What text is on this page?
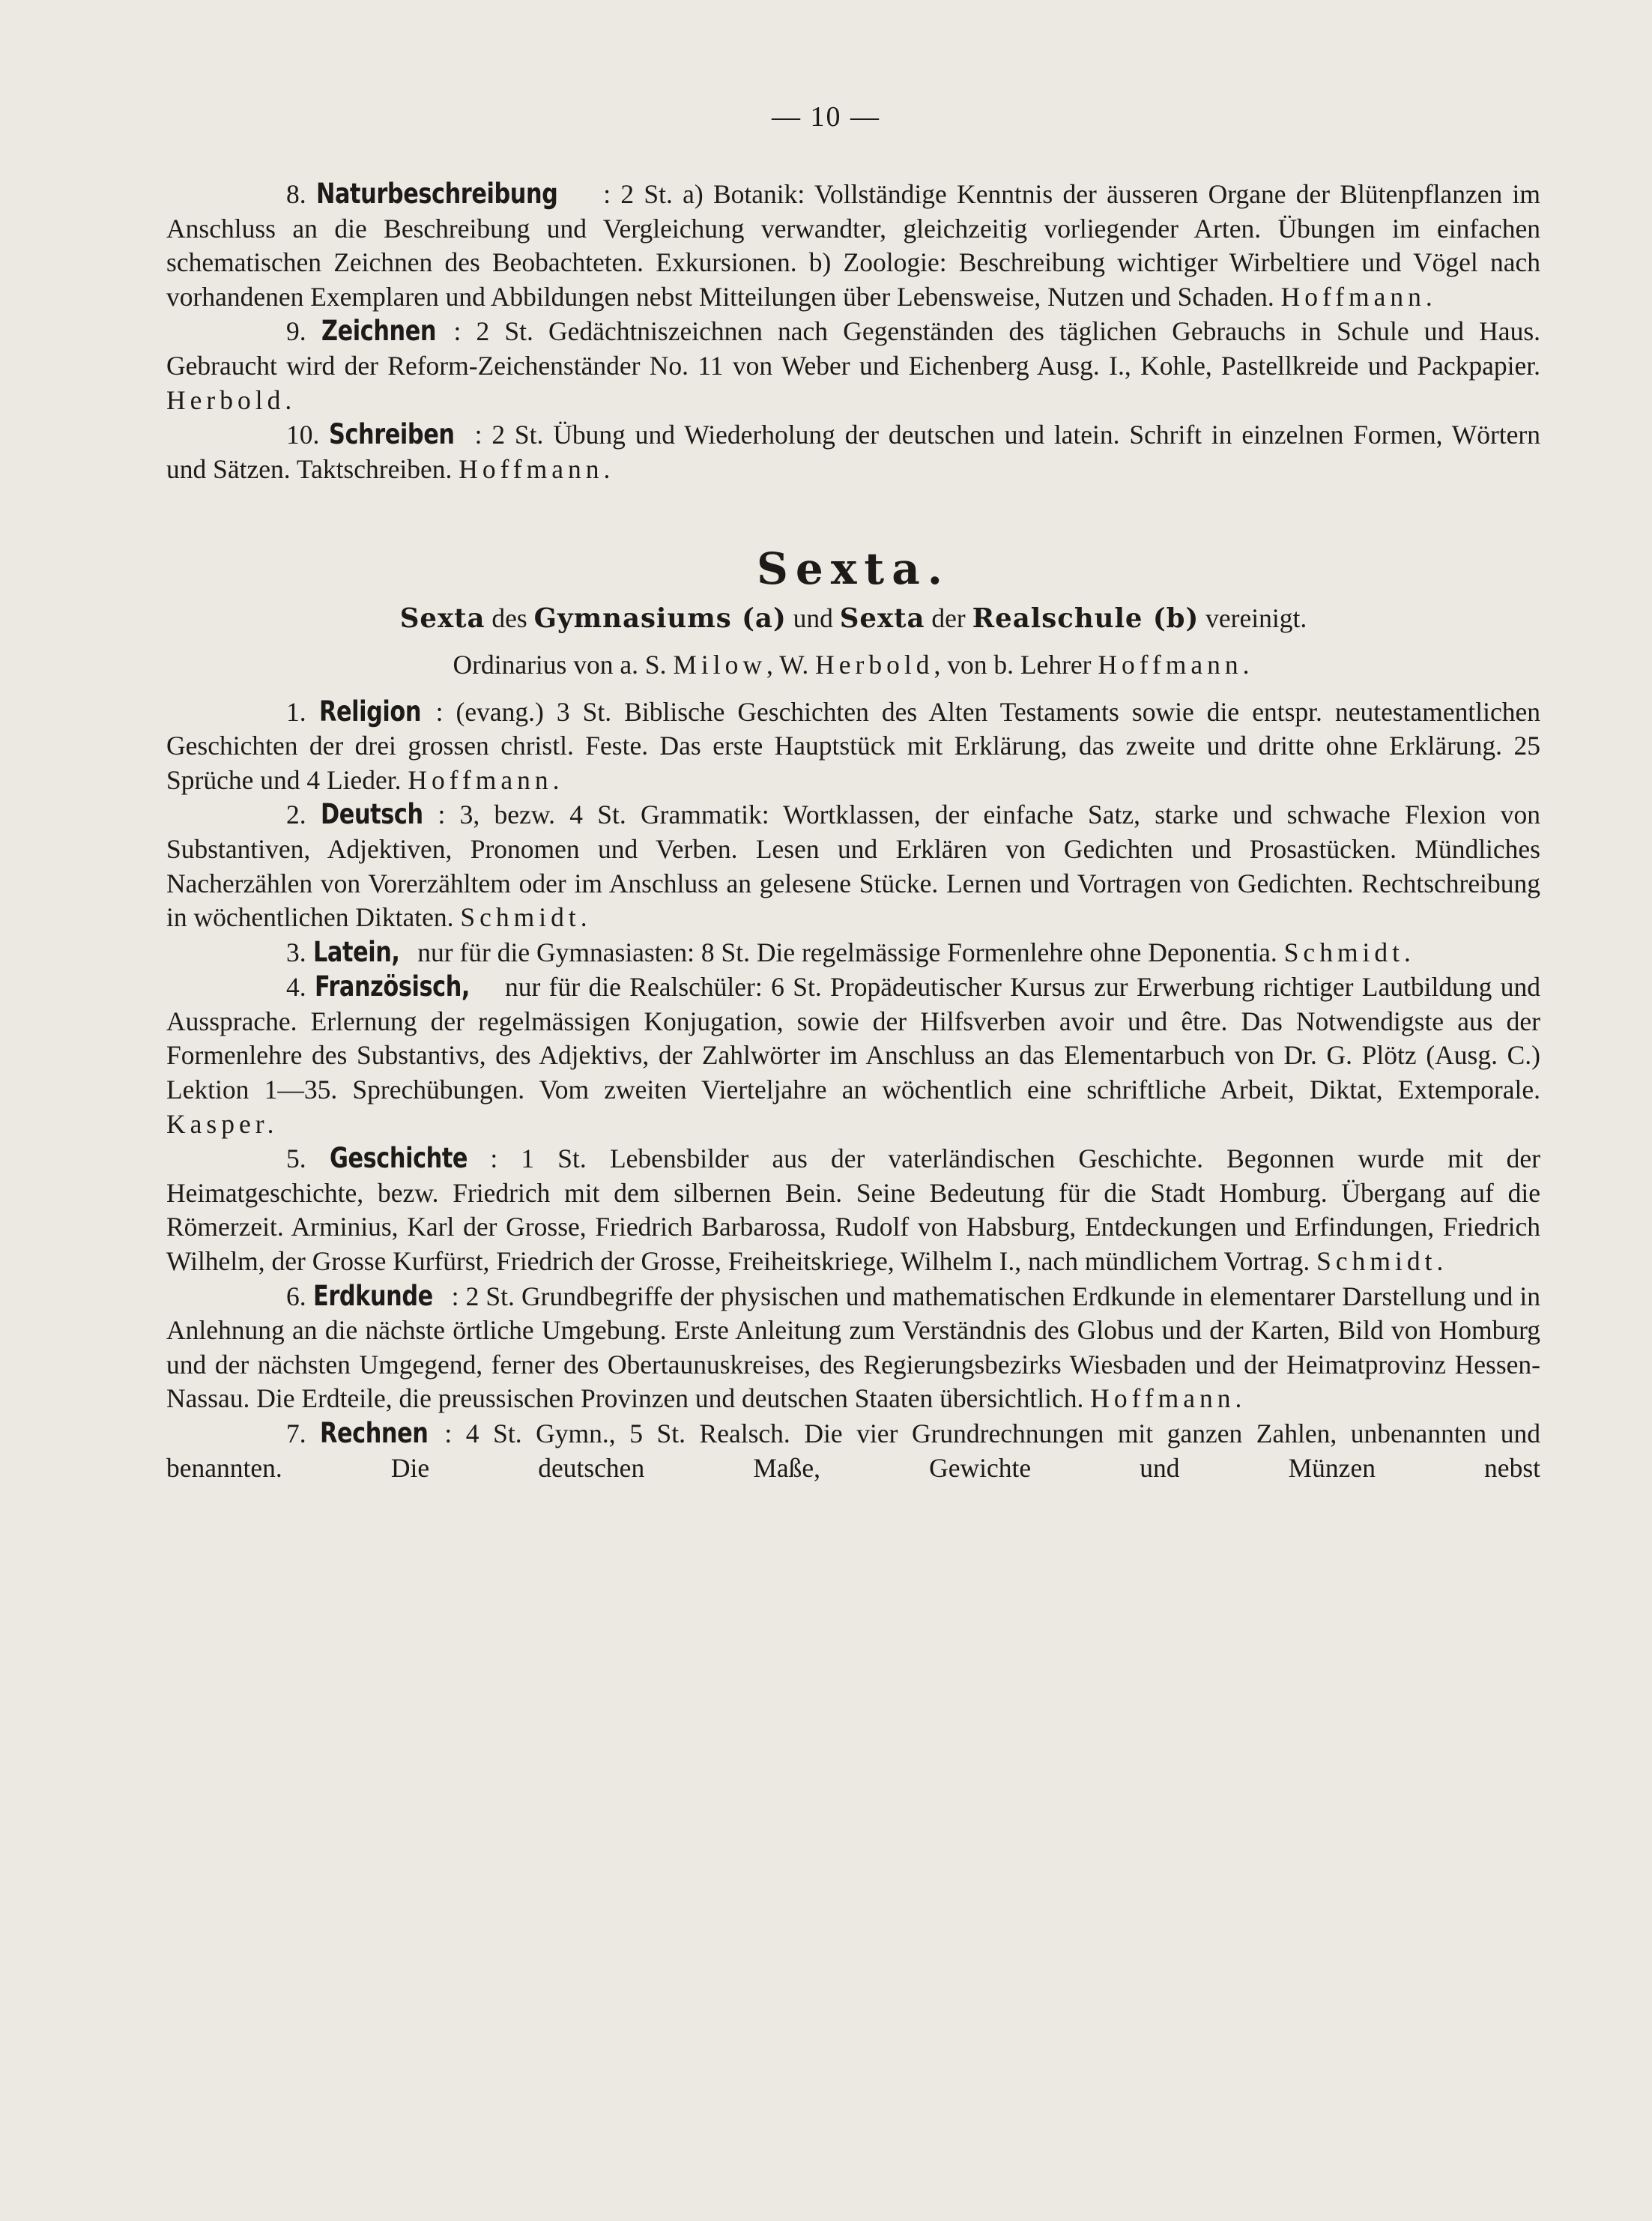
— 10 —

8. Naturbeschreibung : 2 St. a) Botanik: Vollständige Kenntnis der äusseren Organe der Blütenpflanzen im Anschluss an die Beschreibung und Vergleichung verwandter, gleichzeitig vorliegender Arten. Übungen im einfachen schematischen Zeichnen des Beobachteten. Exkursionen. b) Zoologie: Beschreibung wichtiger Wirbeltiere und Vögel nach vorhandenen Exemplaren und Abbildungen nebst Mitteilungen über Lebensweise, Nutzen und Schaden. Hoffmann.

9. Zeichnen : 2 St. Gedächtniszeichnen nach Gegenständen des täglichen Gebrauchs in Schule und Haus. Gebraucht wird der Reform-Zeichenständer No. 11 von Weber und Eichenberg Ausg. I., Kohle, Pastellkreide und Packpapier. Herbold.

10. Schreiben : 2 St. Übung und Wiederholung der deutschen und latein. Schrift in einzelnen Formen, Wörtern und Sätzen. Taktschreiben. Hoffmann.

Sexta.

Sexta des Gymnasiums (a) und Sexta der Realschule (b) vereinigt.

Ordinarius von a. S. Milow, W. Herbold, von b. Lehrer Hoffmann.

1. Religion : (evang.) 3 St. Biblische Geschichten des Alten Testaments sowie die entspr. neutestamentlichen Geschichten der drei grossen christl. Feste. Das erste Hauptstück mit Erklärung, das zweite und dritte ohne Erklärung. 25 Sprüche und 4 Lieder. Hoffmann.

2. Deutsch : 3, bezw. 4 St. Grammatik: Wortklassen, der einfache Satz, starke und schwache Flexion von Substantiven, Adjektiven, Pronomen und Verben. Lesen und Erklären von Gedichten und Prosastücken. Mündliches Nacherzählen von Vorerzähltem oder im Anschluss an gelesene Stücke. Lernen und Vortragen von Gedichten. Rechtschreibung in wöchentlichen Diktaten. Schmidt.

3. Latein, nur für die Gymnasiasten: 8 St. Die regelmässige Formenlehre ohne Deponentia. Schmidt.

4. Französisch, nur für die Realschüler: 6 St. Propädeutischer Kursus zur Erwerbung richtiger Lautbildung und Aussprache. Erlernung der regelmässigen Konjugation, sowie der Hilfsverben avoir und être. Das Notwendigste aus der Formenlehre des Substantivs, des Adjektivs, der Zahlwörter im Anschluss an das Elementarbuch von Dr. G. Plötz (Ausg. C.) Lektion 1—35. Sprechübungen. Vom zweiten Vierteljahre an wöchentlich eine schriftliche Arbeit, Diktat, Extemporale. Kasper.

5. Geschichte : 1 St. Lebensbilder aus der vaterländischen Geschichte. Begonnen wurde mit der Heimatgeschichte, bezw. Friedrich mit dem silbernen Bein. Seine Bedeutung für die Stadt Homburg. Übergang auf die Römerzeit. Arminius, Karl der Grosse, Friedrich Barbarossa, Rudolf von Habsburg, Entdeckungen und Erfindungen, Friedrich Wilhelm, der Grosse Kurfürst, Friedrich der Grosse, Freiheitskriege, Wilhelm I., nach mündlichem Vortrag. Schmidt.

6. Erdkunde : 2 St. Grundbegriffe der physischen und mathematischen Erdkunde in elementarer Darstellung und in Anlehnung an die nächste örtliche Umgebung. Erste Anleitung zum Verständnis des Globus und der Karten, Bild von Homburg und der nächsten Umgegend, ferner des Obertaunuskreises, des Regierungsbezirks Wiesbaden und der Heimatprovinz Hessen-Nassau. Die Erdteile, die preussischen Provinzen und deutschen Staaten übersichtlich. Hoffmann.

7. Rechnen : 4 St. Gymn., 5 St. Realsch. Die vier Grundrechnungen mit ganzen Zahlen, unbenannten und benannten. Die deutschen Maße, Gewichte und Münzen nebst
